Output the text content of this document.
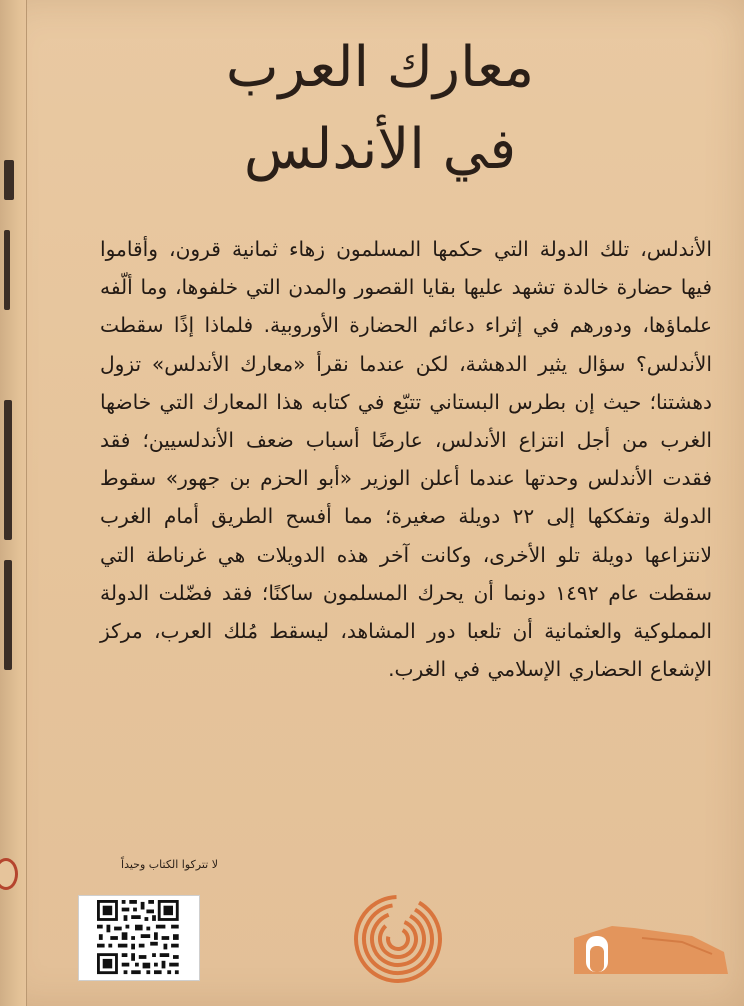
معارك العرب
في الأندلس
الأندلس، تلك الدولة التي حكمها المسلمون زهاء ثمانية قرون، وأقاموا فيها حضارة خالدة تشهد عليها بقايا القصور والمدن التي خلفوها، وما ألّفه علماؤها، ودورهم في إثراء دعائم الحضارة الأوروبية. فلماذا إذًا سقطت الأندلس؟ سؤال يثير الدهشة، لكن عندما نقرأ «معارك الأندلس» تزول دهشتنا؛ حيث إن بطرس البستاني تتبّع في كتابه هذا المعارك التي خاضها الغرب من أجل انتزاع الأندلس، عارضًا أسباب ضعف الأندلسيين؛ فقد فقدت الأندلس وحدتها عندما أعلن الوزير «أبو الحزم بن جهور» سقوط الدولة وتفككها إلى ٢٢ دويلة صغيرة؛ مما أفسح الطريق أمام الغرب لانتزاعها دويلة تلو الأخرى، وكانت آخر هذه الدويلات هي غرناطة التي سقطت عام ١٤٩٢ دونما أن يحرك المسلمون ساكنًا؛ فقد فضّلت الدولة المملوكية والعثمانية أن تلعبا دور المشاهد، ليسقط مُلك العرب، مركز الإشعاع الحضاري الإسلامي في الغرب.
لا تتركوا الكتاب وحيداً
